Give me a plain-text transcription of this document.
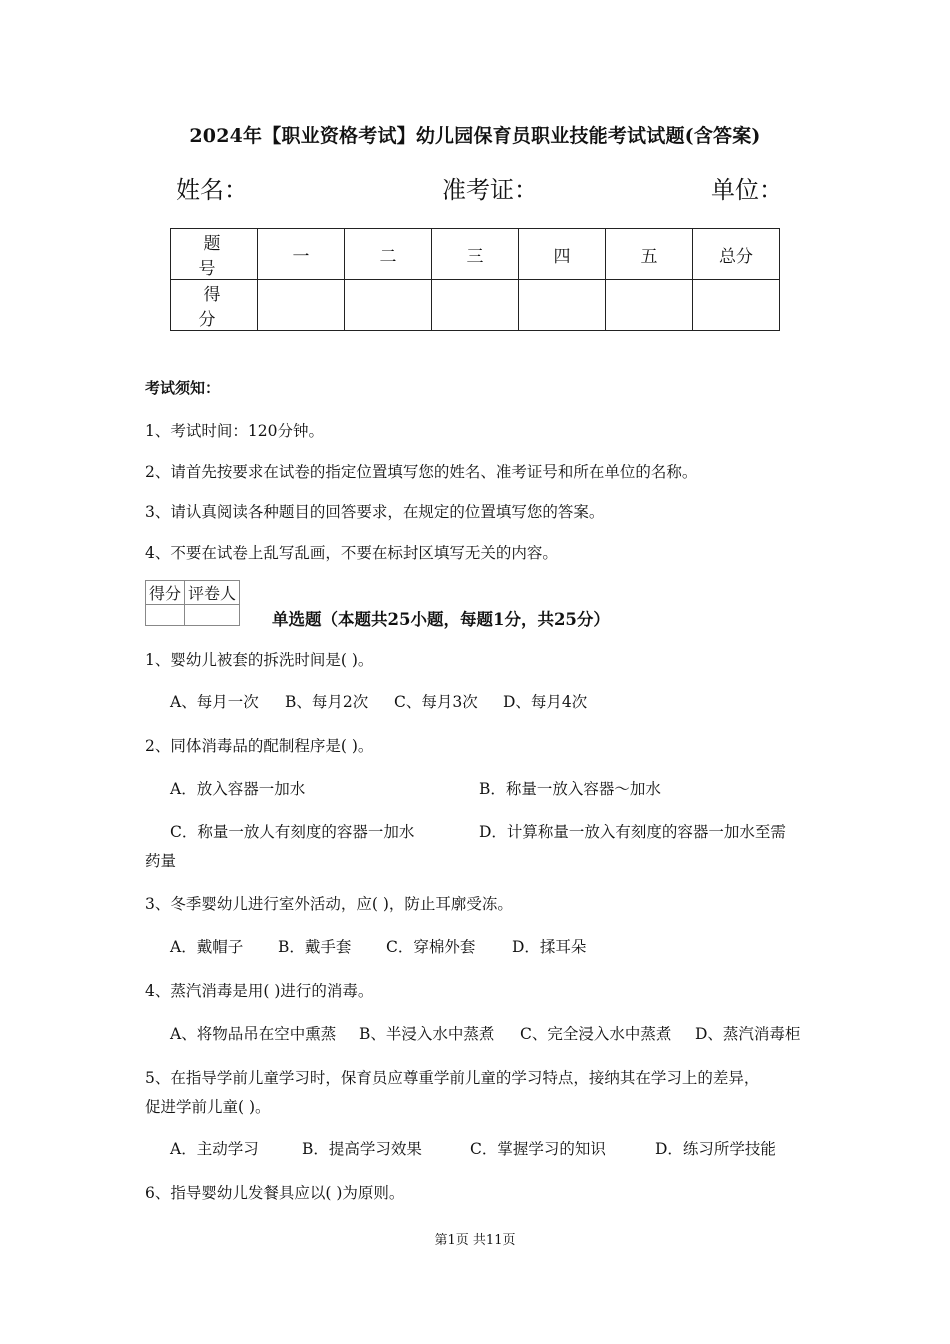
2024年【职业资格考试】幼儿园保育员职业技能考试试题(含答案)
姓名：	准考证：	单位：
题 号	一	二	三	四	五	总分
得 分						
考试须知：
1、考试时间：120分钟。
2、请首先按要求在试卷的指定位置填写您的姓名、准考证号和所在单位的名称。
3、请认真阅读各种题目的回答要求，在规定的位置填写您的答案。
4、不要在试卷上乱写乱画，不要在标封区填写无关的内容。
得分	评卷人

单选题（本题共25小题，每题1分，共25分）
1、婴幼儿被套的拆洗时间是( )。
A、每月一次 B、每月2次 C、每月3次 D、每月4次
2、同体消毒品的配制程序是( )。
A．放入容器一加水	B．称量一放入容器～加水
C．称量一放人有刻度的容器一加水	D．计算称量一放入有刻度的容器一加水至需
药量
3、冬季婴幼儿进行室外活动，应( )，防止耳廓受冻。
A．戴帽子 B．戴手套 C．穿棉外套 D．揉耳朵
4、蒸汽消毒是用( )进行的消毒。
A、将物品吊在空中熏蒸 B、半浸入水中蒸煮 C、完全浸入水中蒸煮 D、蒸汽消毒柜
5、在指导学前儿童学习时，保育员应尊重学前儿童的学习特点，接纳其在学习上的差异，
促进学前儿童( )。
A．主动学习	B．提高学习效果	C．掌握学习的知识	D．练习所学技能
6、指导婴幼儿发餐具应以( )为原则。
第1页 共11页
